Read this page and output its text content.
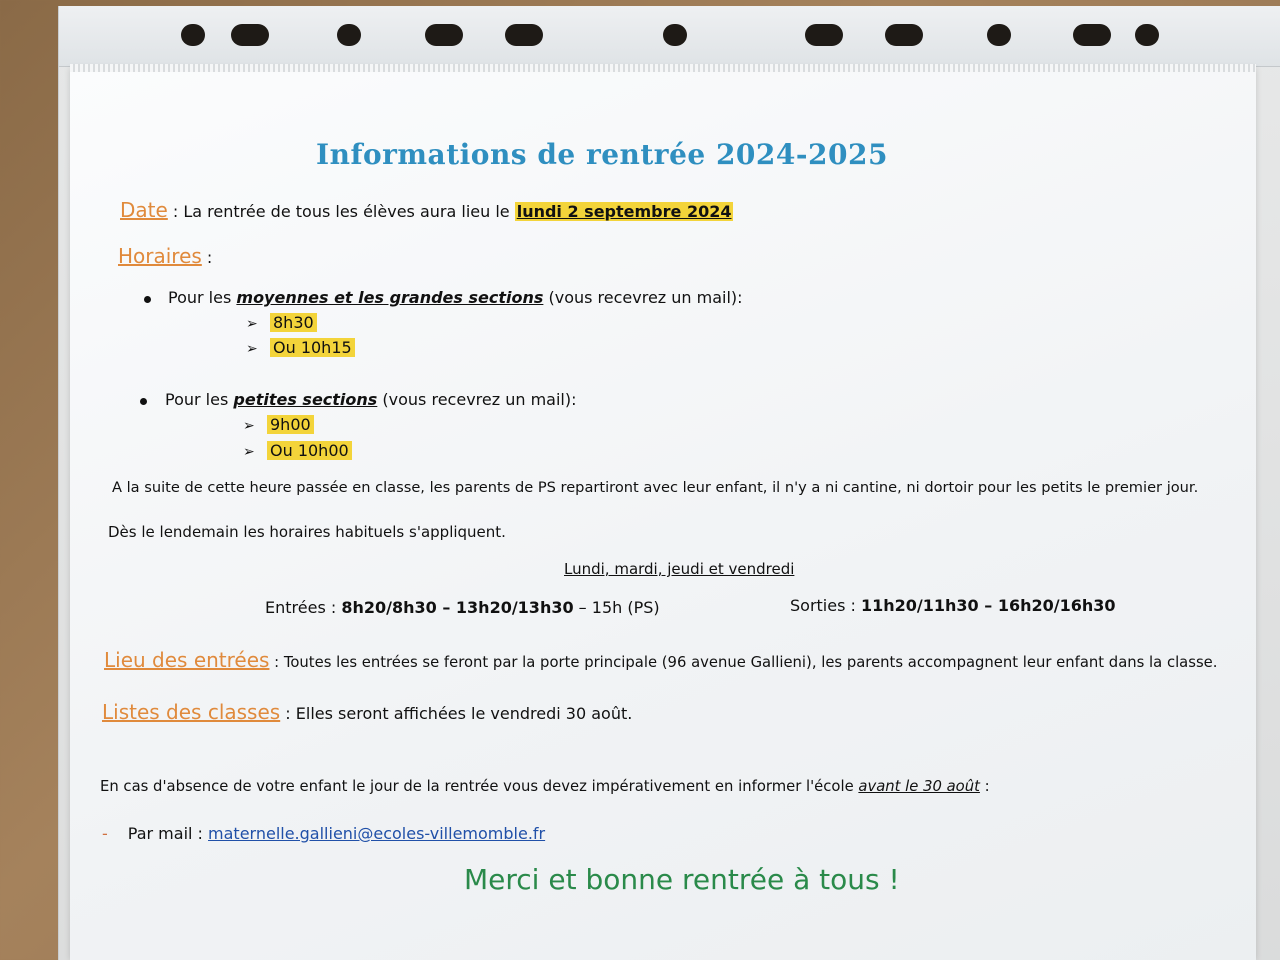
Informations de rentrée 2024-2025
Date : La rentrée de tous les élèves aura lieu le lundi 2 septembre 2024
Horaires :
Pour les moyennes et les grandes sections (vous recevrez un mail):
➢ 8h30
➢ Ou 10h15
Pour les petites sections (vous recevrez un mail):
➢ 9h00
➢ Ou 10h00
A la suite de cette heure passée en classe, les parents de PS repartiront avec leur enfant, il n'y a ni cantine, ni dortoir pour les petits le premier jour.
Dès le lendemain les horaires habituels s'appliquent.
Lundi, mardi, jeudi et vendredi
Entrées : 8h20/8h30 – 13h20/13h30 – 15h (PS)	Sorties : 11h20/11h30 – 16h20/16h30
Lieu des entrées : Toutes les entrées se feront par la porte principale (96 avenue Gallieni), les parents accompagnent leur enfant dans la classe.
Listes des classes : Elles seront affichées le vendredi 30 août.
En cas d'absence de votre enfant le jour de la rentrée vous devez impérativement en informer l'école avant le 30 août :
- Par mail : maternelle.gallieni@ecoles-villemomble.fr
Merci et bonne rentrée à tous !
